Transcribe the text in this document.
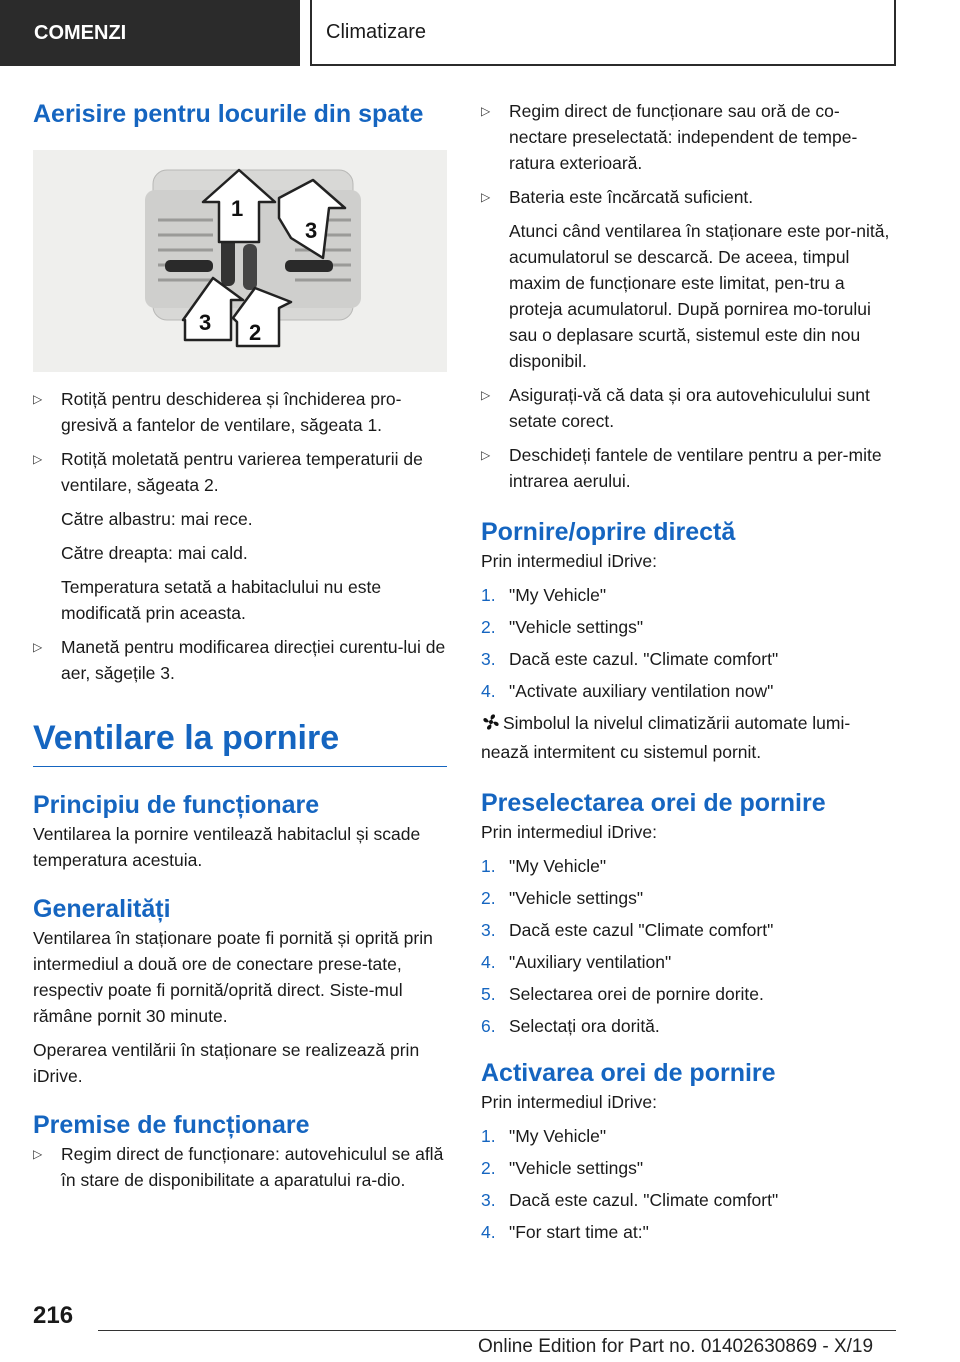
COMENZI	Climatizare
Aerisire pentru locurile din spate
1
3
3 2
▷ Rotiță pentru deschiderea și închiderea pro-gresivă a fantelor de ventilare, săgeata 1.
▷ Rotiță moletată pentru varierea temperaturii de ventilare, săgeata 2.

Către albastru: mai rece.

Către dreapta: mai cald.

Temperatura setată a habitaclului nu este modificată prin aceasta.

▷ Manetă pentru modificarea direcției curentu-lui de aer, săgețile 3.
Ventilare la pornire
Principiu de funcționare

Ventilarea la pornire ventilează habitaclul și scade temperatura acestuia.

Generalități

Ventilarea în staționare poate fi pornită și oprită prin intermediul a două ore de conectare prese-tate, respectiv poate fi pornită/oprită direct. Siste-mul rămâne pornit 30 minute.

Operarea ventilării în staționare se realizează prin iDrive.

Premise de funcționare
▷ Regim direct de funcționare: autovehiculul se află în stare de disponibilitate a aparatului ra-dio.
▷ Regim direct de funcționare sau oră de co-nectare preselectată: independent de tempe-ratura exterioară.
▷ Bateria este încărcată suficient.

Atunci când ventilarea în staționare este por-nită, acumulatorul se descarcă. De aceea, timpul maxim de funcționare este limitat, pen-tru a proteja acumulatorul. După pornirea mo-torului sau o deplasare scurtă, sistemul este din nou disponibil.

▷ Asigurați-vă că data și ora autovehiculului sunt setate corect.
▷ Deschideți fantele de ventilare pentru a per-mite intrarea aerului.
Pornire/oprire directă

Prin intermediul iDrive:

1. "My Vehicle"
2. "Vehicle settings"
3. Dacă este cazul. "Climate comfort"
4. "Activate auxiliary ventilation now"

Simbolul la nivelul climatizării automate lumi-nează intermitent cu sistemul pornit.

Preselectarea orei de pornire

Prin intermediul iDrive:

1. "My Vehicle"
2. "Vehicle settings"
3. Dacă este cazul "Climate comfort"
4. "Auxiliary ventilation"
5. Selectarea orei de pornire dorite.
6. Selectați ora dorită.
Activarea orei de pornire

Prin intermediul iDrive:

1. "My Vehicle"
2. "Vehicle settings"
3. Dacă este cazul. "Climate comfort"
4. "For start time at:"
216
Online Edition for Part no. 01402630869 - X/19
